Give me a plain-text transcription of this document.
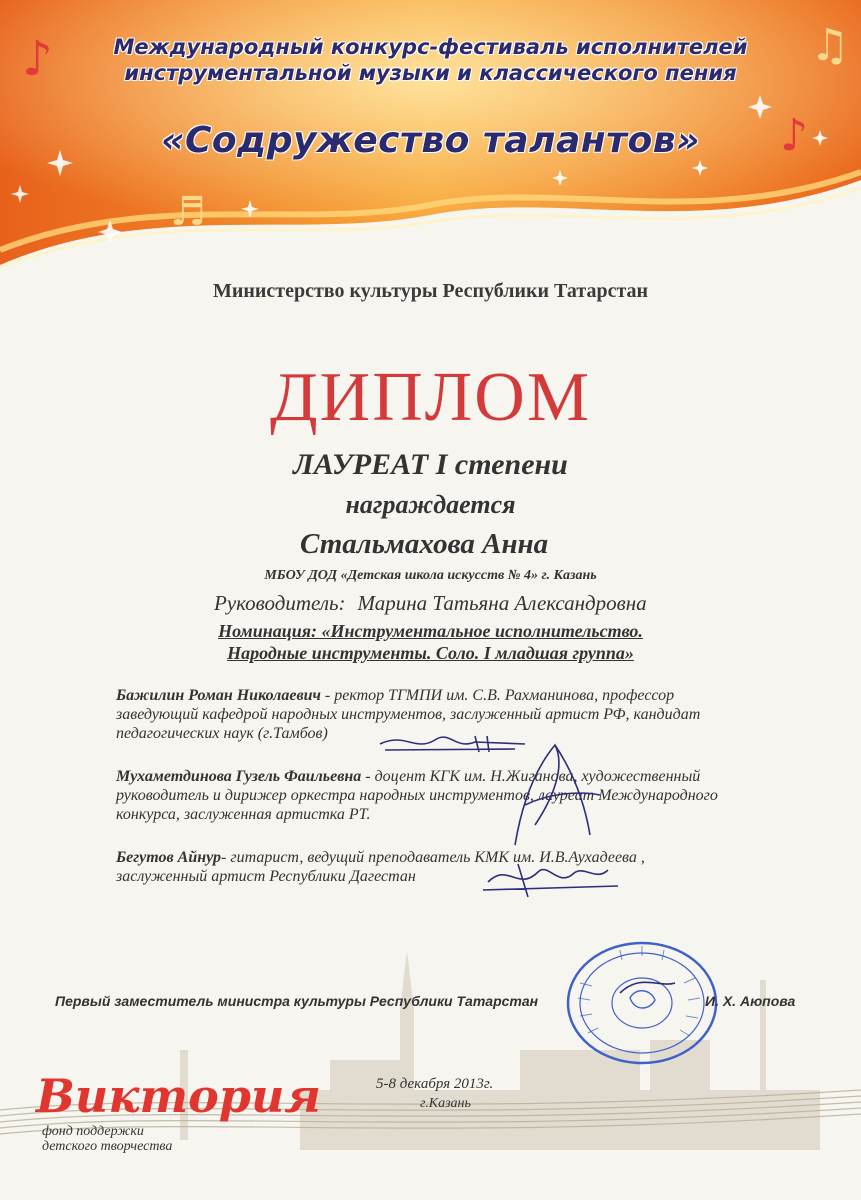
♪
♪
♫
♬
Международный конкурс-фестиваль исполнителей
инструментальной музыки и классического пения
«Содружество талантов»
Министерство культуры Республики Татарстан
ДИПЛОМ
ЛАУРЕАТ I степени
награждается
Стальмахова Анна
МБОУ ДОД «Детская школа искусств № 4» г. Казань
Руководитель: Марина Татьяна Александровна
Номинация: «Инструментальное исполнительство.
Народные инструменты. Соло. I младшая группа»
Бажилин Роман Николаевич - ректор ТГМПИ им. С.В. Рахманинова, профессор
заведующий кафедрой народных инструментов, заслуженный артист РФ, кандидат
педагогических наук (г.Тамбов)
Мухаметдинова Гузель Фаильевна - доцент КГК им. Н.Жиганова, художественный
руководитель и дирижер оркестра народных инструментов, лауреат Международного
конкурса, заслуженная артистка РТ.
Бегутов Айнур- гитарист, ведущий преподаватель КМК им. И.В.Аухадеева ,
заслуженный артист Республики Дагестан
Первый заместитель министра культуры Республики Татарстан	И. Х. Аюпова
5-8 декабря 2013г.
г.Казань
Виктория
фонд поддержки
детского творчества
